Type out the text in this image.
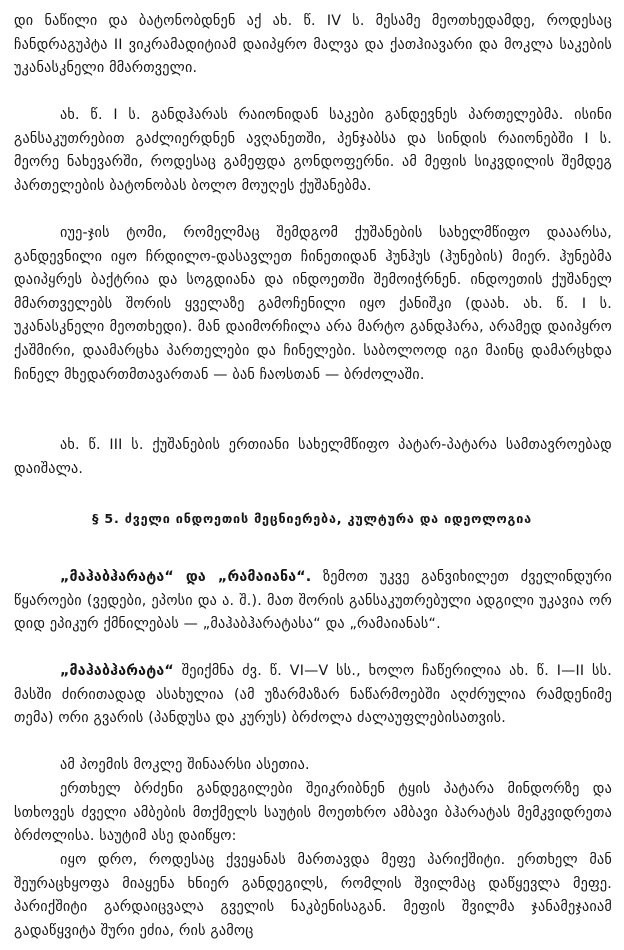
დი ნაწილი და ბატონობდნენ აქ ახ. წ. IV ს. მესამე მეოთხედამდე, როდესაც ჩანდრაგუპტა II ვიკრამადიტიამ დაიპყრო მალვა და ქათჰიავარი და მოკლა საკების უკანასკნელი მმართველი.

ახ. წ. I ს. განდჰარას რაიონიდან საკები განდევნეს პართელებმა. ისინი განსაკუთრებით გაძლიერდნენ ავღანეთში, პენჯაბსა და სინდის რაიონებში I ს. მეორე ნახევარში, როდესაც გამეფდა გონდოფერნი. ამ მეფის სიკვდილის შემდეგ პართელების ბატონობას ბოლო მოუღეს ქუშანებმა.

იუე-ჯის ტომი, რომელმაც შემდგომ ქუშანების სახელმწიფო დააარსა, განდევნილი იყო ჩრდილო-დასავლეთ ჩინეთიდან ჰუნჰუს (ჰუნების) მიერ. ჰუნებმა დაიპყრეს ბაქტრია და სოგდიანა და ინდოეთში შემოიჭრნენ. ინდოეთის ქუშანელ მმართველებს შორის ყველაზე გამოჩენილი იყო ქანიშკი (დაახ. ახ. წ. I ს. უკანასკნელი მეოთხედი). მან დაიმორჩილა არა მარტო განდჰარა, არამედ დაიპყრო ქაშმირი, დაამარცხა პართელები და ჩინელები. საბოლოოდ იგი მაინც დამარცხდა ჩინელ მხედართმთავართან — ბან ჩაოსთან — ბრძოლაში.

ახ. წ. III ს. ქუშანების ერთიანი სახელმწიფო პატარ-პატარა სამთავროებად დაიშალა.

§ 5. ძველი ინდოეთის მეცნიერება, კულტურა და იდეოლოგია

„მაჰაბჰარატა“ და „რამაიანა“. ზემოთ უკვე განვიხილეთ ძველინდური წყაროები (ვედები, ეპოსი და ა. შ.). მათ შორის განსაკუთრებული ადგილი უკავია ორ დიდ ეპიკურ ქმნილებას — „მაჰაბჰარატასა“ და „რამაიანას“.

„მაჰაბჰარატა“ შეიქმნა ძვ. წ. VI—V სს., ხოლო ჩაწერილია ახ. წ. I—II სს. მასში ძირითადად ასახულია (ამ უზარმაზარ ნაწარმოებში აღძრულია რამდენიმე თემა) ორი გვარის (პანდუსა და კურუს) ბრძოლა ძალაუფლებისათვის.

ამ პოემის მოკლე შინაარსი ასეთია.

ერთხელ ბრძენი განდეგილები შეიკრიბნენ ტყის პატარა მინდორზე და სთხოვეს ძველი ამბების მთქმელს საუტის მოეთხრო ამბავი ბჰარატას მემკვიდრეთა ბრძოლისა. საუტიმ ასე დაიწყო:

იყო დრო, როდესაც ქვეყანას მართავდა მეფე პარიქშიტი. ერთხელ მან შეურაცხყოფა მიაყენა ხნიერ განდეგილს, რომლის შვილმაც დაწყევლა მეფე. პარიქშიტი გარდაიცვალა გველის ნაკბენისაგან. მეფის შვილმა ჯანამეჯაიამ გადაწყვიტა შური ეძია, რის გამოც
